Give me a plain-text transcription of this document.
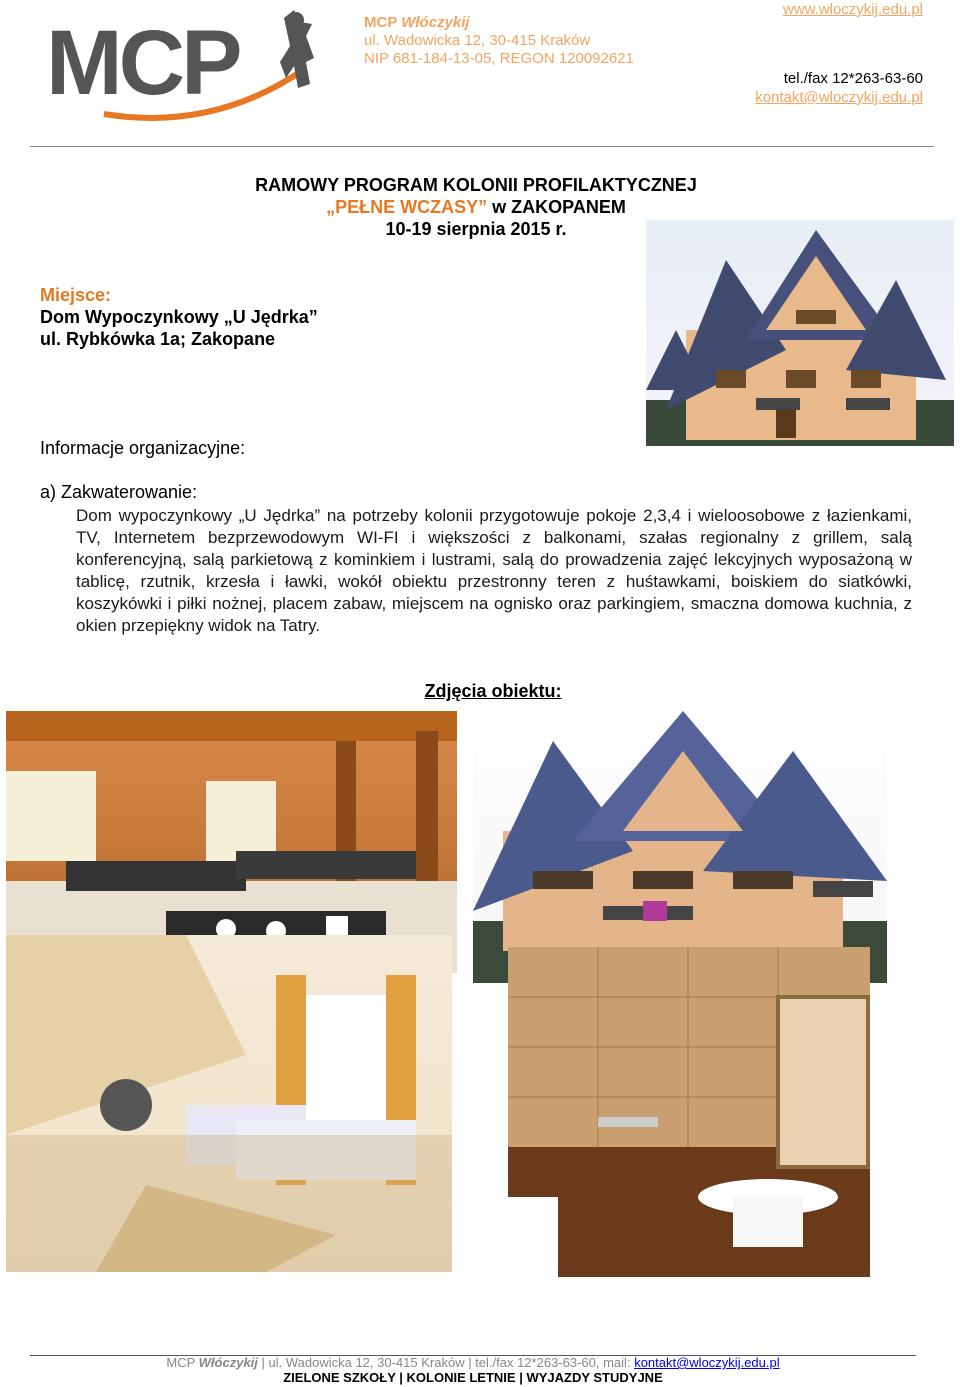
MCP	MCP Włóczykij
ul. Wadowicka 12, 30-415 Kraków
NIP 681-184-13-05, REGON 120092621
www.wloczykij.edu.pl
tel./fax 12*263-63-60
kontakt@wloczykij.edu.pl
RAMOWY PROGRAM KOLONII PROFILAKTYCZNEJ
„PEŁNE WCZASY” w ZAKOPANEM
10-19 sierpnia 2015 r.
Miejsce:
Dom Wypoczynkowy „U Jędrka”
ul. Rybkówka 1a; Zakopane
Informacje organizacyjne:
a) Zakwaterowanie:
Dom wypoczynkowy „U Jędrka” na potrzeby kolonii przygotowuje pokoje 2,3,4 i wieloosobowe z łazienkami, TV, Internetem bezprzewodowym WI-FI i większości z balkonami, szałas regionalny z grillem, salą konferencyjną, salą parkietową z kominkiem i lustrami, salą do prowadzenia zajęć lekcyjnych wyposażoną w tablicę, rzutnik, krzesła i ławki, wokół obiektu przestronny teren z huśtawkami, boiskiem do siatkówki, koszykówki i piłki nożnej, placem zabaw, miejscem na ognisko oraz parkingiem, smaczna domowa kuchnia, z okien przepiękny widok na Tatry.
Zdjęcia obiektu:
MCP Włóczykij | ul. Wadowicka 12, 30-415 Kraków | tel./fax 12*263-63-60, mail: kontakt@wloczykij.edu.pl
ZIELONE SZKOŁY | KOLONIE LETNIE | WYJAZDY STUDYJNE
